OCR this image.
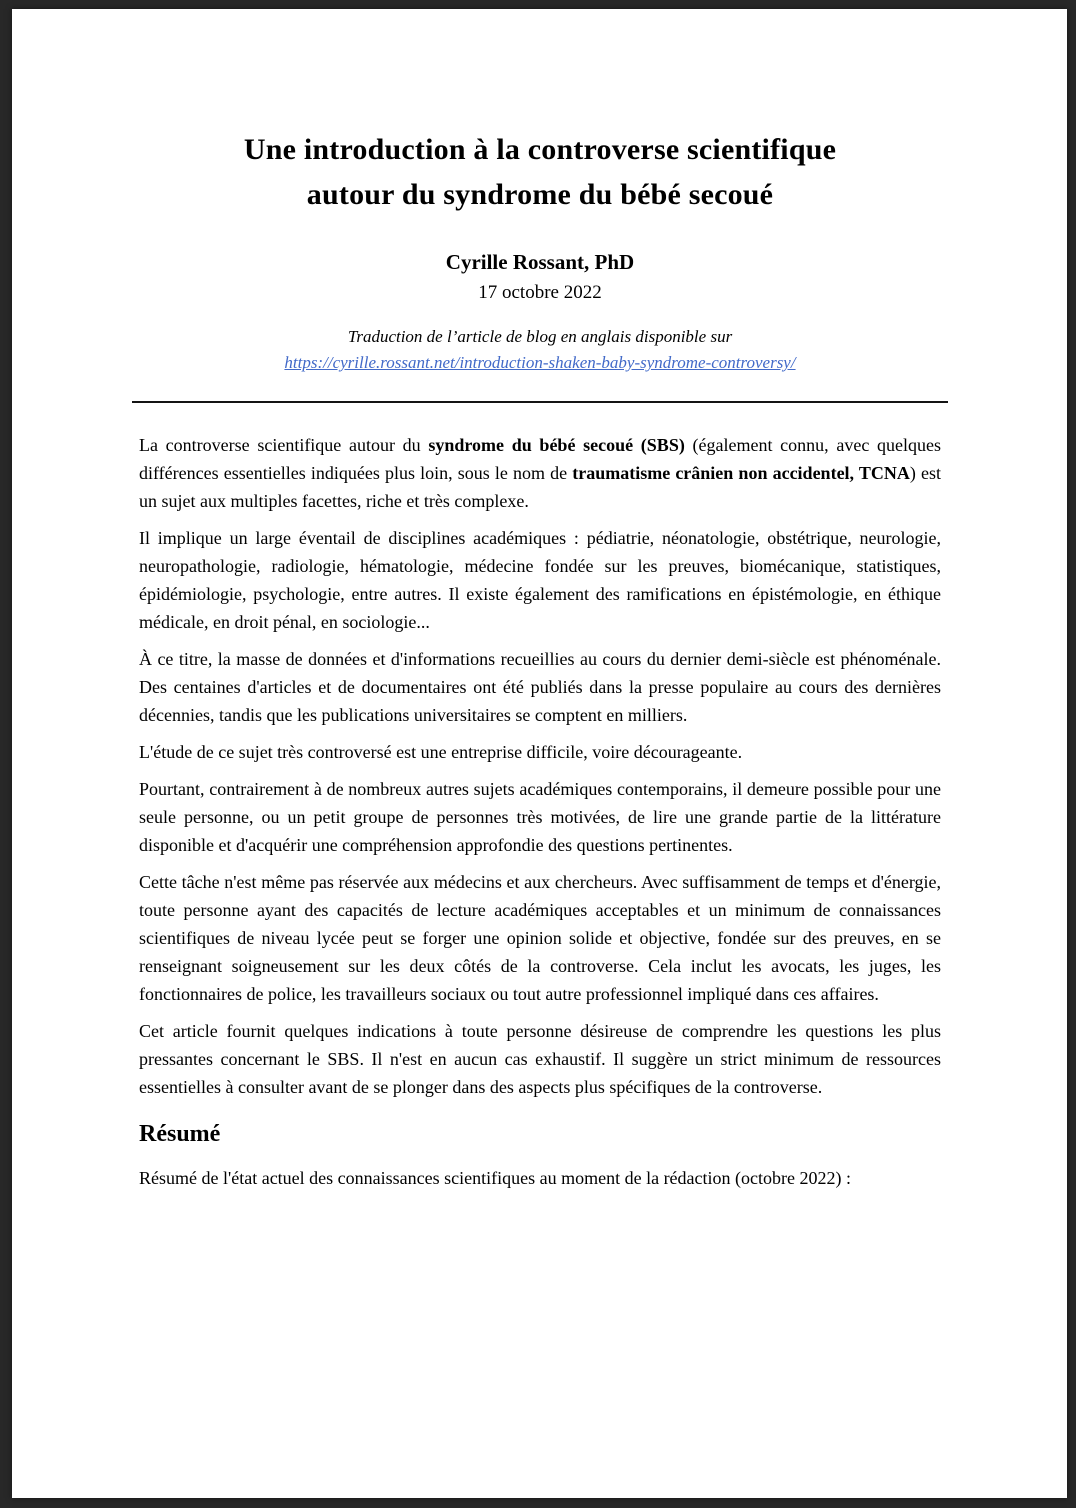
Une introduction à la controverse scientifique
autour du syndrome du bébé secoué

Cyrille Rossant, PhD

17 octobre 2022

Traduction de l’article de blog en anglais disponible sur

https://cyrille.rossant.net/introduction-shaken-baby-syndrome-controversy/

La controverse scientifique autour du syndrome du bébé secoué (SBS) (également connu, avec quelques différences essentielles indiquées plus loin, sous le nom de traumatisme crânien non accidentel, TCNA) est un sujet aux multiples facettes, riche et très complexe.

Il implique un large éventail de disciplines académiques : pédiatrie, néonatologie, obstétrique, neurologie, neuropathologie, radiologie, hématologie, médecine fondée sur les preuves, biomécanique, statistiques, épidémiologie, psychologie, entre autres. Il existe également des ramifications en épistémologie, en éthique médicale, en droit pénal, en sociologie...

À ce titre, la masse de données et d'informations recueillies au cours du dernier demi-siècle est phénoménale. Des centaines d'articles et de documentaires ont été publiés dans la presse populaire au cours des dernières décennies, tandis que les publications universitaires se comptent en milliers.

L'étude de ce sujet très controversé est une entreprise difficile, voire décourageante.

Pourtant, contrairement à de nombreux autres sujets académiques contemporains, il demeure possible pour une seule personne, ou un petit groupe de personnes très motivées, de lire une grande partie de la littérature disponible et d'acquérir une compréhension approfondie des questions pertinentes.

Cette tâche n'est même pas réservée aux médecins et aux chercheurs. Avec suffisamment de temps et d'énergie, toute personne ayant des capacités de lecture académiques acceptables et un minimum de connaissances scientifiques de niveau lycée peut se forger une opinion solide et objective, fondée sur des preuves, en se renseignant soigneusement sur les deux côtés de la controverse. Cela inclut les avocats, les juges, les fonctionnaires de police, les travailleurs sociaux ou tout autre professionnel impliqué dans ces affaires.

Cet article fournit quelques indications à toute personne désireuse de comprendre les questions les plus pressantes concernant le SBS. Il n'est en aucun cas exhaustif. Il suggère un strict minimum de ressources essentielles à consulter avant de se plonger dans des aspects plus spécifiques de la controverse.

Résumé

Résumé de l'état actuel des connaissances scientifiques au moment de la rédaction (octobre 2022) :
